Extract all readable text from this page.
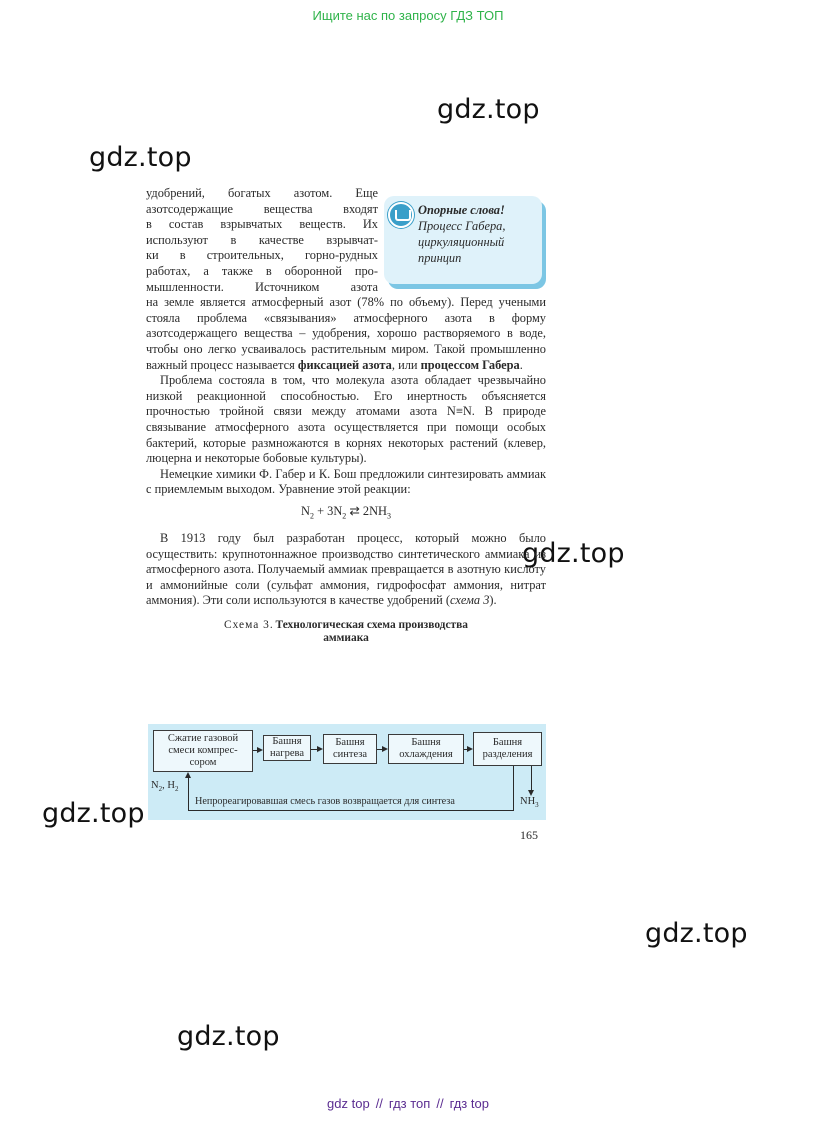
Ищите нас по запросу ГДЗ ТОП
gdz.top
gdz.top
gdz.top
gdz.top
gdz.top
gdz.top
Опорные слова!
Процесс Габера,
циркуляционный
принцип

удобрений, богатых азотом. Еще

азотсодержащие вещества входят

в состав взрывчатых веществ. Их

используют в качестве взрывчат-

ки в строительных, горно-рудных

работах, а также в оборонной про-

мышленности. Источником азота

на земле является атмосферный азот (78% по объему). Перед учеными стояла проблема «связывания» атмосферного азота в форму азотсодержащего вещества – удобрения, хорошо растворяемого в воде, чтобы оно легко усваивалось растительным миром. Такой промышленно важный процесс называется фиксацией азота, или процессом Габера.

Проблема состояла в том, что молекула азота обладает чрезвычайно низкой реакционной способностью. Его инертность объясняется прочностью тройной связи между атомами азота N≡N. В природе связывание атмосферного азота осуществляется при помощи особых бактерий, которые размножаются в корнях некоторых растений (клевер, люцерна и некоторые бобовые культуры).

Немецкие химики Ф. Габер и К. Бош предложили синтезировать аммиак с приемлемым выходом. Уравнение этой реакции:

$N_2 + 3N_2$ ⇄ $2NH_3$

В 1913 году был разработан процесс, который можно было осуществить: крупнотоннажное производство синтетического аммиака из атмосферного азота. Получаемый аммиак превращается в азотную кислоту и аммонийные соли (сульфат аммония, гидрофосфат аммония, нитрат аммония). Эти соли используются в качестве удобрений (схема 3).

Схема 3. Технологическая схема производства
аммиака
Сжатие газовой смеси компрес-сором
Башня нагрева
Башня синтеза
Башня охлаждения
Башня разделения
$N_2$, $H_2$
Непрореагировавшая смесь газов возвращается для синтеза	$NH_3$
165
gdz top // гдз топ // гдз top
